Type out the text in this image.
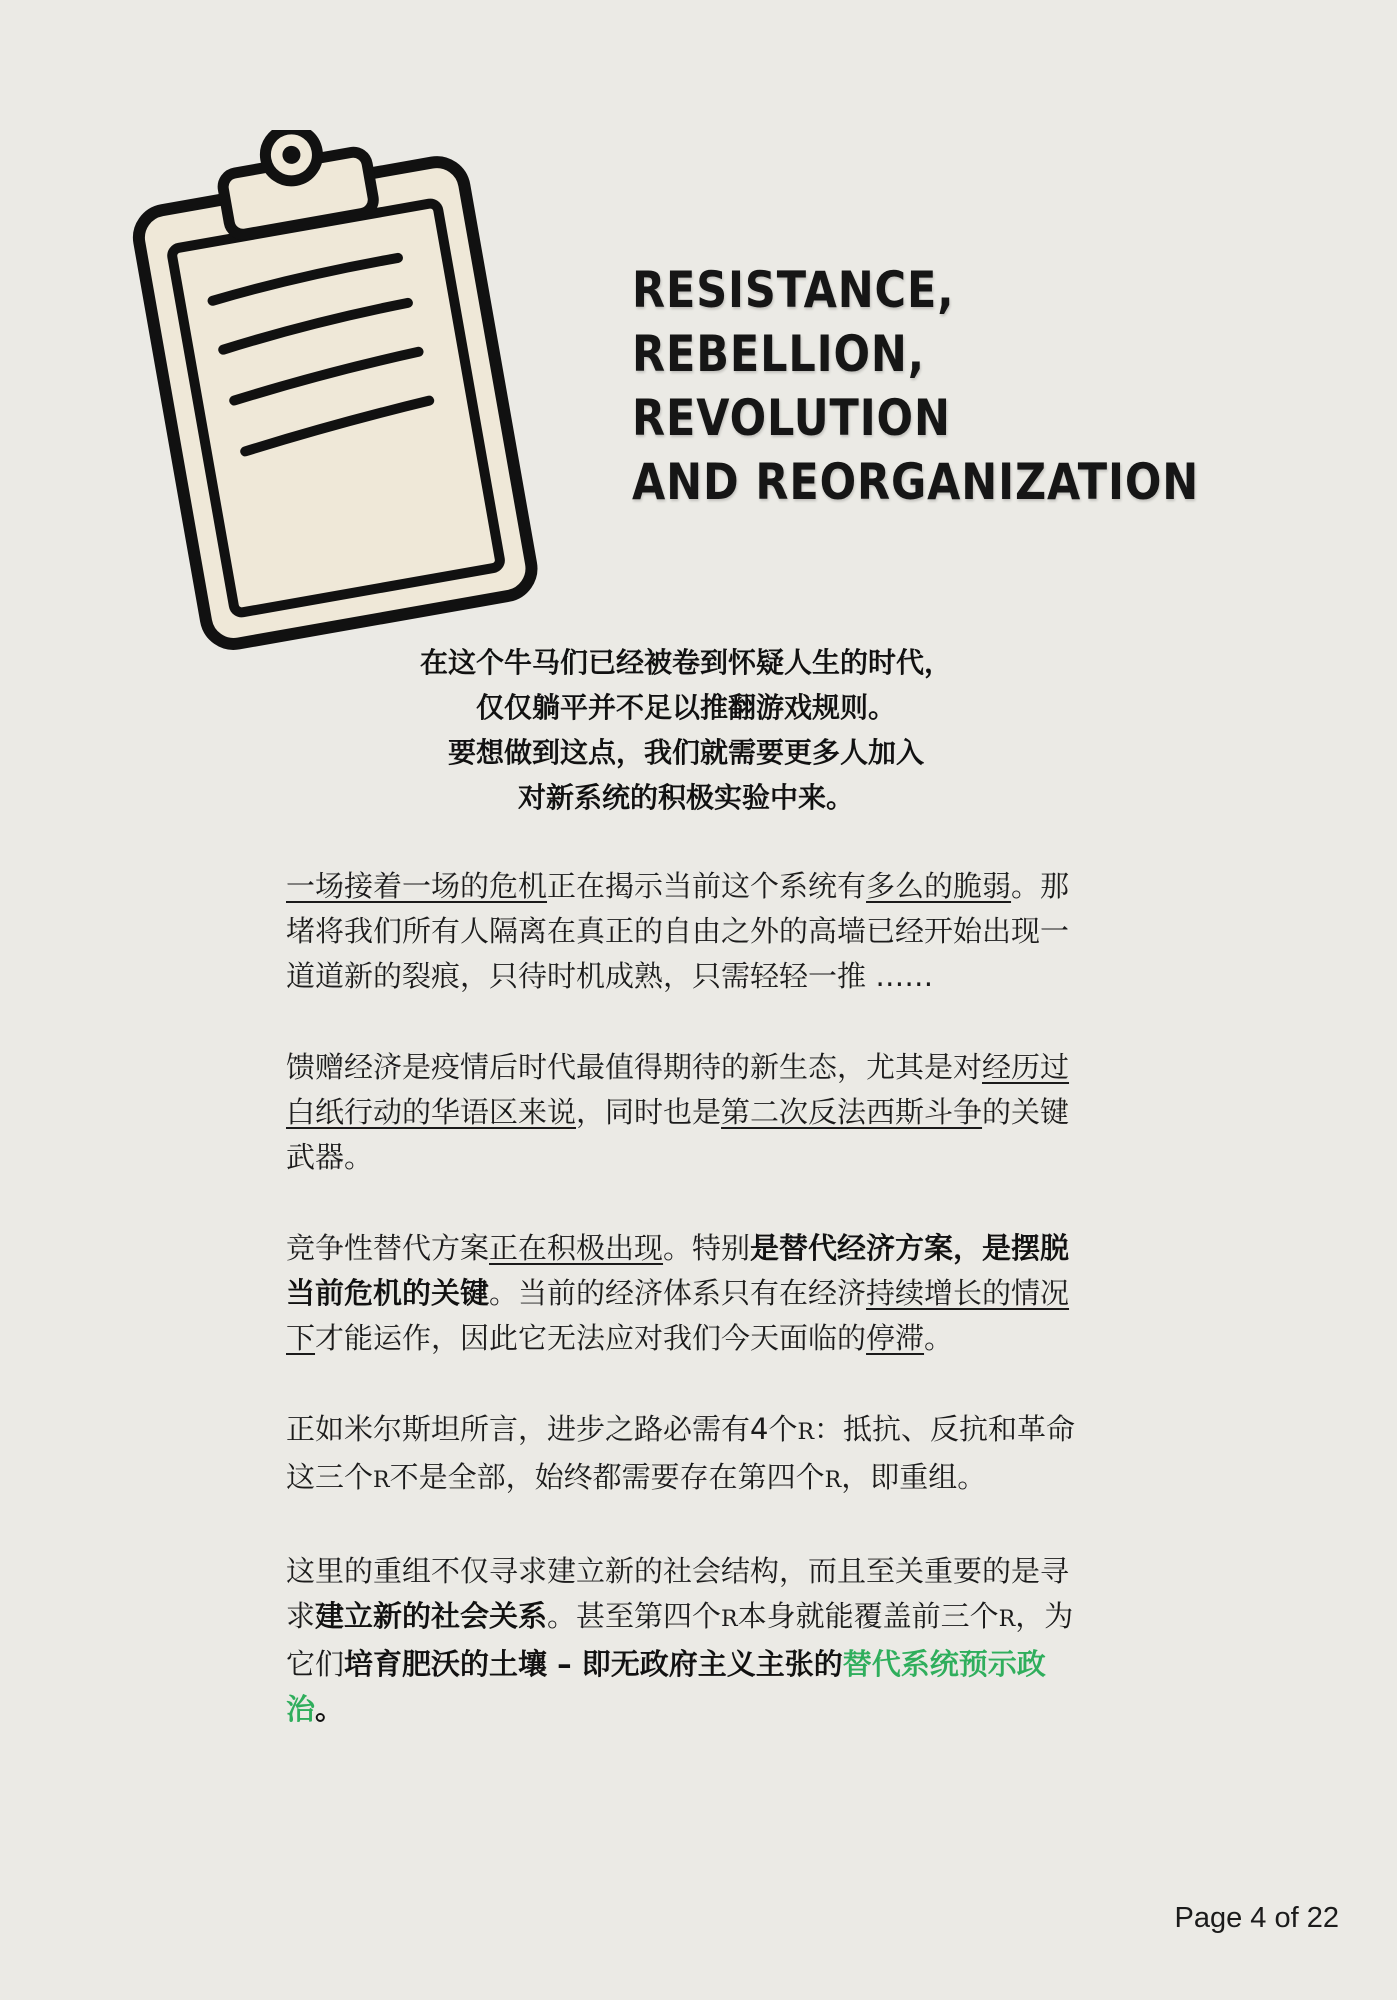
RESISTANCE,
REBELLION,
REVOLUTION
AND REORGANIZATION
在这个牛马们已经被卷到怀疑人生的时代，
仅仅躺平并不足以推翻游戏规则。
要想做到这点，我们就需要更多人加入
对新系统的积极实验中来。

一场接着一场的危机正在揭示当前这个系统有多么的脆弱。那堵将我们所有人隔离在真正的自由之外的高墙已经开始出现一道道新的裂痕，只待时机成熟，只需轻轻一推 ……

馈赠经济是疫情后时代最值得期待的新生态，尤其是对经历过白纸行动的华语区来说，同时也是第二次反法西斯斗争的关键武器。

竞争性替代方案正在积极出现。特别是替代经济方案，是摆脱当前危机的关键。当前的经济体系只有在经济持续增长的情况下才能运作，因此它无法应对我们今天面临的停滞。

正如米尔斯坦所言，进步之路必需有4个R：抵抗、反抗和革命这三个R不是全部，始终都需要存在第四个R，即重组。

这里的重组不仅寻求建立新的社会结构，而且至关重要的是寻求建立新的社会关系。甚至第四个R本身就能覆盖前三个R，为它们培育肥沃的土壤 – 即无政府主义主张的替代系统预示政治。

Page 4 of 22
